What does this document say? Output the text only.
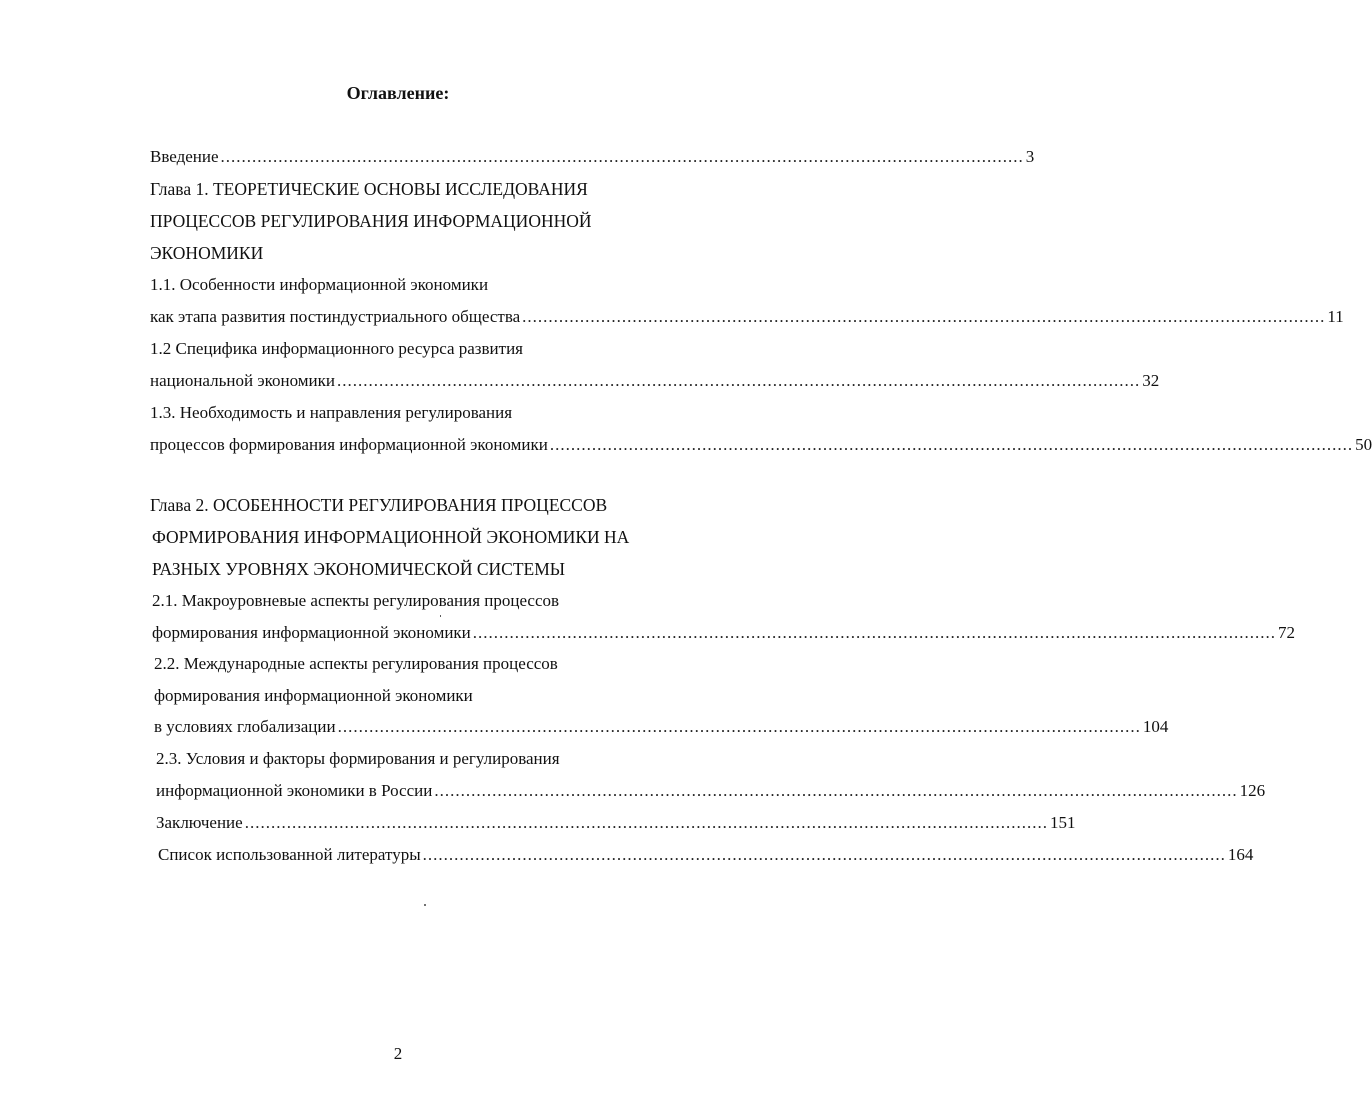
Оглавление:
Введение ......................................................................................................................................................... 3
Глава 1. ТЕОРЕТИЧЕСКИЕ ОСНОВЫ ИССЛЕДОВАНИЯ
ПРОЦЕССОВ РЕГУЛИРОВАНИЯ ИНФОРМАЦИОННОЙ
ЭКОНОМИКИ
1.1. Особенности информационной экономики
как этапа развития постиндустриального общества ......................................................................................................................................................... 11
1.2 Специфика информационного ресурса развития
национальной экономики ......................................................................................................................................................... 32
1.3. Необходимость и направления регулирования
процессов формирования информационной экономики ......................................................................................................................................................... 50
Глава 2. ОСОБЕННОСТИ РЕГУЛИРОВАНИЯ ПРОЦЕССОВ
ФОРМИРОВАНИЯ ИНФОРМАЦИОННОЙ ЭКОНОМИКИ НА
РАЗНЫХ УРОВНЯХ ЭКОНОМИЧЕСКОЙ СИСТЕМЫ
2.1. Макроуровневые аспекты регулирования процессов
формирования информационной экономики ......................................................................................................................................................... 72
2.2. Международные аспекты регулирования процессов
формирования информационной экономики
в условиях глобализации ......................................................................................................................................................... 104
2.3. Условия и факторы формирования и регулирования
информационной экономики в России ......................................................................................................................................................... 126
Заключение ......................................................................................................................................................... 151
Список использованной литературы ......................................................................................................................................................... 164
2
